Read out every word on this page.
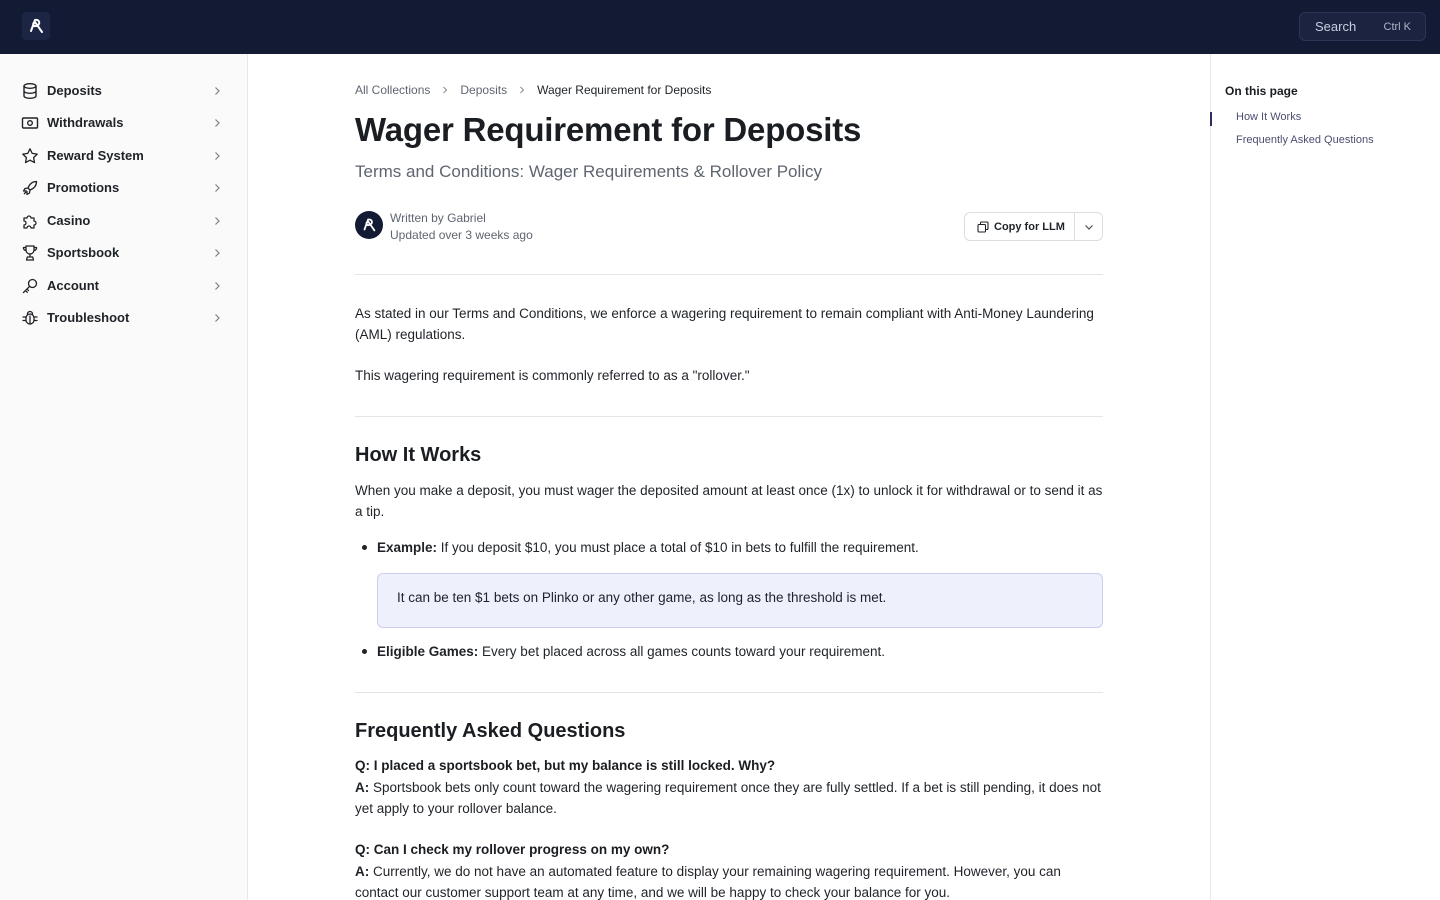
Search Ctrl K
Deposits
Withdrawals
Reward System
Promotions
Casino
Sportsbook
Account
Troubleshoot
All Collections	Deposits	Wager Requirement for Deposits
Wager Requirement for Deposits
Terms and Conditions: Wager Requirements & Rollover Policy
Written by Gabriel
Updated over 3 weeks ago
Copy for LLM

As stated in our Terms and Conditions, we enforce a wagering requirement to remain compliant with Anti-Money Laundering (AML) regulations.

This wagering requirement is commonly referred to as a "rollover."

How It Works

When you make a deposit, you must wager the deposited amount at least once (1x) to unlock it for withdrawal or to send it as a tip.

Example: If you deposit $10, you must place a total of $10 in bets to fulfill the requirement.
It can be ten $1 bets on Plinko or any other game, as long as the threshold is met.
Eligible Games: Every bet placed across all games counts toward your requirement.
Frequently Asked Questions
Q: I placed a sportsbook bet, but my balance is still locked. Why?

A: Sportsbook bets only count toward the wagering requirement once they are fully settled. If a bet is still pending, it does not yet apply to your rollover balance.

Q: Can I check my rollover progress on my own?

A: Currently, we do not have an automated feature to display your remaining wagering requirement. However, you can contact our customer support team at any time, and we will be happy to check your balance for you.

On this page
How It Works
Frequently Asked Questions
